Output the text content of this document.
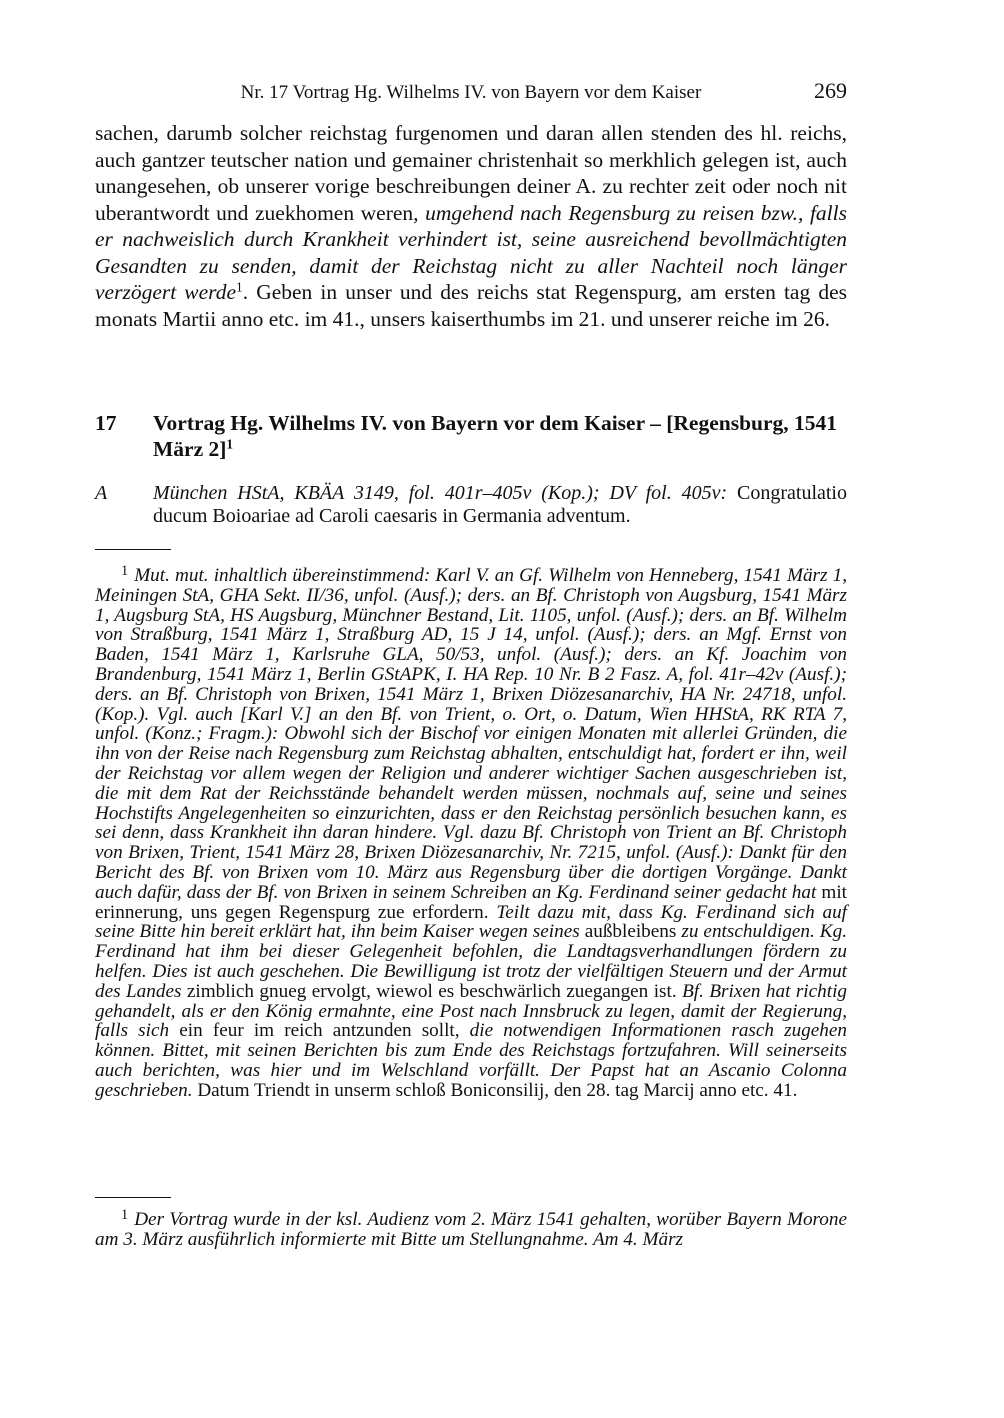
Nr. 17 Vortrag Hg. Wilhelms IV. von Bayern vor dem Kaiser	269

sachen, darumb solcher reichstag furgenomen und daran allen stenden des hl. reichs, auch gantzer teutscher nation und gemainer christenhait so merkhlich gelegen ist, auch unangesehen, ob unserer vorige beschreibungen deiner A. zu rechter zeit oder noch nit uberantwordt und zuekhomen weren, umgehend nach Regensburg zu reisen bzw., falls er nachweislich durch Krankheit verhindert ist, seine ausreichend bevollmächtigten Gesandten zu senden, damit der Reichstag nicht zu aller Nachteil noch länger verzögert werde$^1$. Geben in unser und des reichs stat Regenspurg, am ersten tag des monats Martii anno etc. im 41., unsers kaiserthumbs im 21. und unserer reiche im 26.

17 Vortrag Hg. Wilhelms IV. von Bayern vor dem Kaiser – [Regensburg, 1541 März 2]$^1$
A München HStA, KBÄA 3149, fol. 401r–405v (Kop.); DV fol. 405v: Congratulatio ducum Boioariae ad Caroli caesaris in Germania adventum.

$^1$ Mut. mut. inhaltlich übereinstimmend: Karl V. an Gf. Wilhelm von Henneberg, 1541 März 1, Meiningen StA, GHA Sekt. II/36, unfol. (Ausf.); ders. an Bf. Christoph von Augsburg, 1541 März 1, Augsburg StA, HS Augsburg, Münchner Bestand, Lit. 1105, unfol. (Ausf.); ders. an Bf. Wilhelm von Straßburg, 1541 März 1, Straßburg AD, 15 J 14, unfol. (Ausf.); ders. an Mgf. Ernst von Baden, 1541 März 1, Karlsruhe GLA, 50/53, unfol. (Ausf.); ders. an Kf. Joachim von Brandenburg, 1541 März 1, Berlin GStAPK, I. HA Rep. 10 Nr. B 2 Fasz. A, fol. 41r–42v (Ausf.); ders. an Bf. Christoph von Brixen, 1541 März 1, Brixen Diözesanarchiv, HA Nr. 24718, unfol. (Kop.). Vgl. auch [Karl V.] an den Bf. von Trient, o. Ort, o. Datum, Wien HHStA, RK RTA 7, unfol. (Konz.; Fragm.): Obwohl sich der Bischof vor einigen Monaten mit allerlei Gründen, die ihn von der Reise nach Regensburg zum Reichstag abhalten, entschuldigt hat, fordert er ihn, weil der Reichstag vor allem wegen der Religion und anderer wichtiger Sachen ausgeschrieben ist, die mit dem Rat der Reichsstände behandelt werden müssen, nochmals auf, seine und seines Hochstifts Angelegenheiten so einzurichten, dass er den Reichstag persönlich besuchen kann, es sei denn, dass Krankheit ihn daran hindere. Vgl. dazu Bf. Christoph von Trient an Bf. Christoph von Brixen, Trient, 1541 März 28, Brixen Diözesanarchiv, Nr. 7215, unfol. (Ausf.): Dankt für den Bericht des Bf. von Brixen vom 10. März aus Regensburg über die dortigen Vorgänge. Dankt auch dafür, dass der Bf. von Brixen in seinem Schreiben an Kg. Ferdinand seiner gedacht hat mit erinnerung, uns gegen Regenspurg zue erfordern. Teilt dazu mit, dass Kg. Ferdinand sich auf seine Bitte hin bereit erklärt hat, ihn beim Kaiser wegen seines außbleibens zu entschuldigen. Kg. Ferdinand hat ihm bei dieser Gelegenheit befohlen, die Landtagsverhandlungen fördern zu helfen. Dies ist auch geschehen. Die Bewilligung ist trotz der vielfältigen Steuern und der Armut des Landes zimblich gnueg ervolgt, wiewol es beschwärlich zuegangen ist. Bf. Brixen hat richtig gehandelt, als er den König ermahnte, eine Post nach Innsbruck zu legen, damit der Regierung, falls sich ein feur im reich antzunden sollt, die notwendigen Informationen rasch zugehen können. Bittet, mit seinen Berichten bis zum Ende des Reichstags fortzufahren. Will seinerseits auch berichten, was hier und im Welschland vorfällt. Der Papst hat an Ascanio Colonna geschrieben. Datum Triendt in unserm schloß Boniconsilij, den 28. tag Marcij anno etc. 41.

$^1$ Der Vortrag wurde in der ksl. Audienz vom 2. März 1541 gehalten, worüber Bayern Morone am 3. März ausführlich informierte mit Bitte um Stellungnahme. Am 4. März
